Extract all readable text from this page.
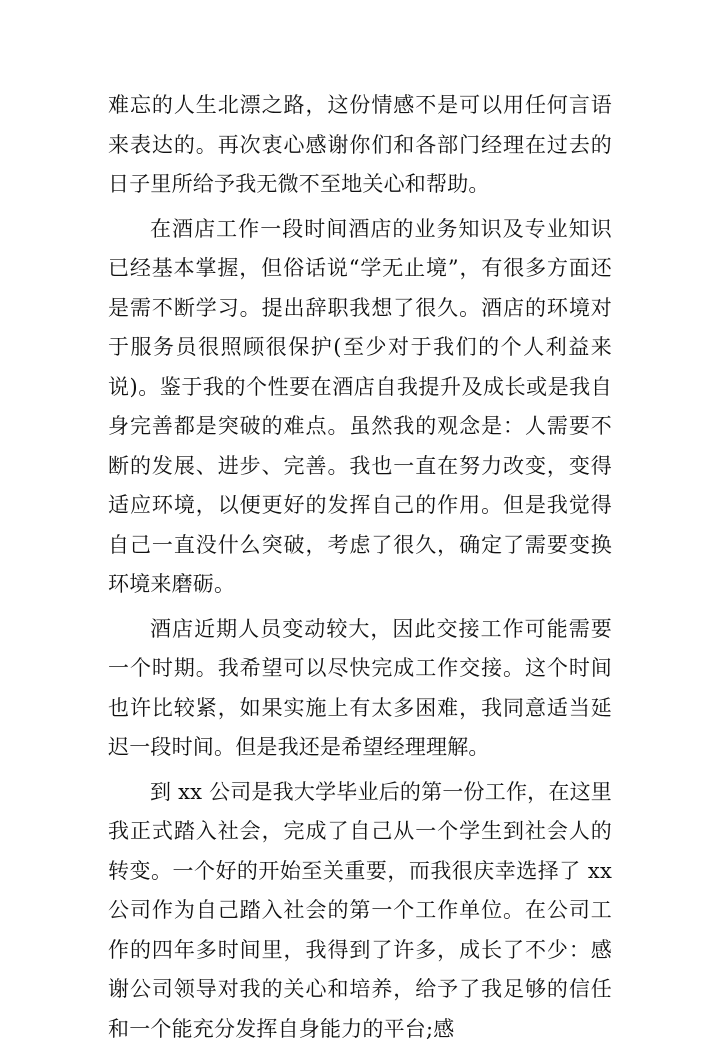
难忘的人生北漂之路，这份情感不是可以用任何言语来表达的。再次衷心感谢你们和各部门经理在过去的日子里所给予我无微不至地关心和帮助。

在酒店工作一段时间酒店的业务知识及专业知识已经基本掌握，但俗话说“学无止境”，有很多方面还是需不断学习。提出辞职我想了很久。酒店的环境对于服务员很照顾很保护(至少对于我们的个人利益来说)。鉴于我的个性要在酒店自我提升及成长或是我自身完善都是突破的难点。虽然我的观念是：人需要不断的发展、进步、完善。我也一直在努力改变，变得适应环境，以便更好的发挥自己的作用。但是我觉得自己一直没什么突破，考虑了很久，确定了需要变换环境来磨砺。

酒店近期人员变动较大，因此交接工作可能需要一个时期。我希望可以尽快完成工作交接。这个时间也许比较紧，如果实施上有太多困难，我同意适当延迟一段时间。但是我还是希望经理理解。

到 xx 公司是我大学毕业后的第一份工作，在这里我正式踏入社会，完成了自己从一个学生到社会人的转变。一个好的开始至关重要，而我很庆幸选择了 xx 公司作为自己踏入社会的第一个工作单位。在公司工作的四年多时间里，我得到了许多，成长了不少：感谢公司领导对我的关心和培养，给予了我足够的信任和一个能充分发挥自身能力的平台;感
